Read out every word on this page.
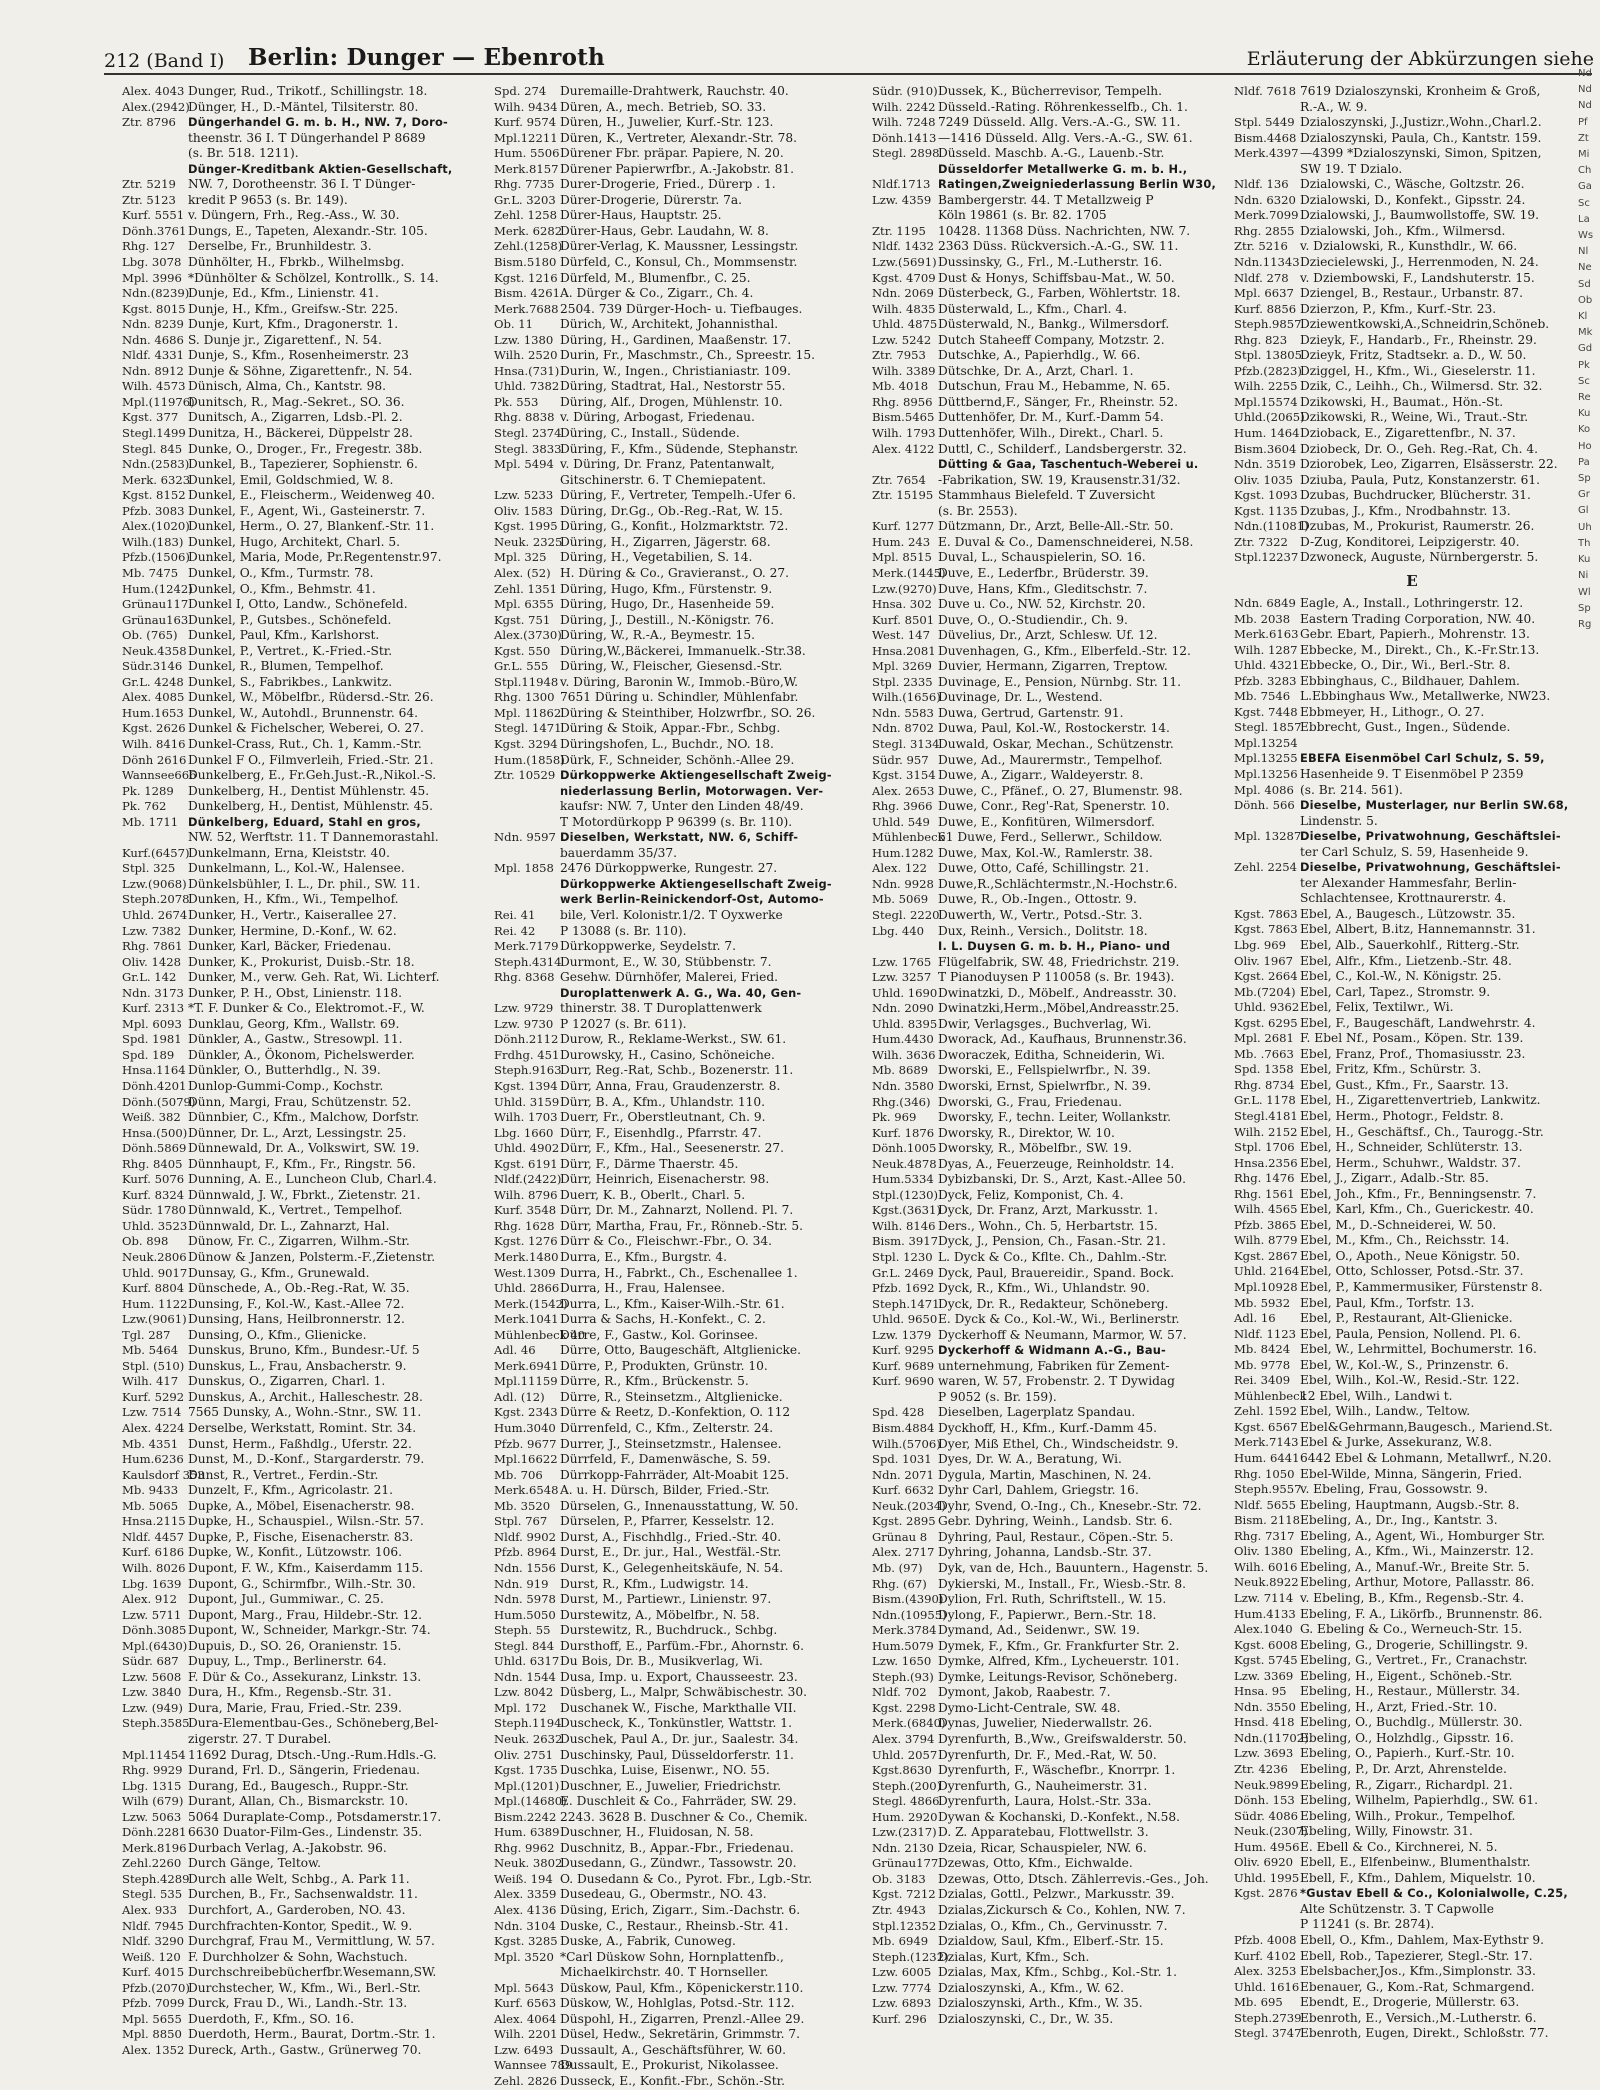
212 (Band I) Berlin: Dunger — Ebenroth	Erläuterung der Abkürzungen siehe
Alex. 4043 Dunger, Rud., Trikotf., Schillingstr. 18.
Alex.(2942)
Dünger, H., D.-Mäntel, Tilsiterstr. 80.
Ztr. 8796	Düngerhandel G. m. b. H., NW. 7, Doro-
theenstr. 36 I. T Düngerhandel P 8689
(s. Br. 518. 1211).
Dünger-Kreditbank Aktien-Gesellschaft,
Ztr. 5219 NW. 7, Dorotheenstr. 36 I. T Dünger-
Ztr. 5123 kredit P 9653 (s. Br. 149).
Kurf. 5551 v. Düngern, Frh., Reg.-Ass., W. 30.
Dönh.3761 Dungs, E., Tapeten, Alexandr.-Str. 105.
Rhg. 127	Derselbe, Fr., Brunhildestr. 3.
Lbg. 3078 Dünhölter, H., Fbrkb., Wilhelmsbg.
Mpl. 3996 *Dünhölter & Schölzel, Kontrollk., S. 14.
Ndn.(8239)
Dunje, Ed., Kfm., Linienstr. 41.
Kgst. 8015 Dunje, H., Kfm., Greifsw.-Str. 225.
Ndn. 8239 Dunje, Kurt, Kfm., Dragonerstr. 1.
Ndn. 4686 S. Dunje jr., Zigarettenf., N. 54.
Nldf. 4331 Dunje, S., Kfm., Rosenheimerstr. 23
Ndn. 8912 Dunje & Söhne, Zigarettenfr., N. 54.
Wilh. 4573 Dünisch, Alma, Ch., Kantstr. 98.
Mpl.(11976)
Dunitsch, R., Mag.-Sekret., SO. 36.
Kgst. 377 Dunitsch, A., Zigarren, Ldsb.-Pl. 2.
Stegl.1499 Dunitza, H., Bäckerei, Düppelstr 28.
Stegl. 845 Dunke, O., Droger., Fr., Fregestr. 38b.
Ndn.(2583)
Dunkel, B., Tapezierer, Sophienstr. 6.
Merk. 6323
Dunkel, Emil, Goldschmied, W. 8.
Kgst. 8152 Dunkel, E., Fleischerm., Weidenweg 40.
Pfzb. 3083 Dunkel, F., Agent, Wi., Gasteinerstr. 7.
Alex.(1020)
Dunkel, Herm., O. 27, Blankenf.-Str. 11.
Wilh.(183) Dunkel, Hugo, Architekt, Charl. 5.
Pfzb.(1506)
Dunkel, Maria, Mode, Pr.Regentenstr.97.
Mb. 7475 Dunkel, O., Kfm., Turmstr. 78.
Hum.(1242)
Dunkel, O., Kfm., Behmstr. 41.
Grünau117 Dunkel I, Otto, Landw., Schönefeld.
Grünau163 Dunkel, P., Gutsbes., Schönefeld.
Ob. (765) Dunkel, Paul, Kfm., Karlshorst.
Neuk.4358 Dunkel, P., Vertret., K.-Fried.-Str.
Südr.3146 Dunkel, R., Blumen, Tempelhof.
Gr.L. 4248 Dunkel, S., Fabrikbes., Lankwitz.
Alex. 4085 Dunkel, W., Möbelfbr., Rüdersd.-Str. 26.
Hum.1653 Dunkel, W., Autohdl., Brunnenstr. 64.
Kgst. 2626 Dunkel & Fichelscher, Weberei, O. 27.
Wilh. 8416 Dunkel-Crass, Rut., Ch. 1, Kamm.-Str.
Dönh 2616 Dunkel F O., Filmverleih, Fried.-Str. 21.
Wannsee666
Dunkelberg, E., Fr.Geh.Just.-R.,Nikol.-S.
Pk. 1289	Dunkelberg, H., Dentist Mühlenstr. 45.
Pk. 762	Dunkelberg, H., Dentist, Mühlenstr. 45.
Mb. 1711 Dünkelberg, Eduard, Stahl en gros,
NW. 52, Werftstr. 11. T Dannemorastahl.
Kurf.(6457)
Dunkelmann, Erna, Kleiststr. 40.
Stpl. 325	Dunkelmann, L., Kol.-W., Halensee.
Lzw.(9068) Dünkelsbühler, I. L., Dr. phil., SW. 11.
Steph.2078
Dunken, H., Kfm., Wi., Tempelhof.
Uhld. 2674 Dunker, H., Vertr., Kaiserallee 27.
Lzw. 7382 Dunker, Hermine, D.-Konf., W. 62.
Rhg. 7861 Dunker, Karl, Bäcker, Friedenau.
Oliv. 1428 Dunker, K., Prokurist, Duisb.-Str. 18.
Gr.L. 142 Dunker, M., verw. Geh. Rat, Wi. Lichterf.
Ndn. 3173 Dunker, P. H., Obst, Linienstr. 118.
Kurf. 2313 *T. F. Dunker & Co., Elektromot.-F., W.
Mpl. 6093 Dunklau, Georg, Kfm., Wallstr. 69.
Spd. 1981 Dünkler, A., Gastw., Stresowpl. 11.
Spd. 189	Dünkler, A., Ökonom, Pichelswerder.
Hnsa.1164 Dünkler, O., Butterhdlg., N. 39.
Dönh.4201 Dunlop-Gummi-Comp., Kochstr.
Dönh.(5079)
Dünn, Margi, Frau, Schützenstr. 52.
Weiß. 382 Dünnbier, C., Kfm., Malchow, Dorfstr.
Hnsa.(500) Dünner, Dr. L., Arzt, Lessingstr. 25.
Dönh.5869 Dünnewald, Dr. A., Volkswirt, SW. 19.
Rhg. 8405 Dünnhaupt, F., Kfm., Fr., Ringstr. 56.
Kurf. 5076 Dunning, A. E., Luncheon Club, Charl.4.
Kurf. 8324 Dünnwald, J. W., Fbrkt., Zietenstr. 21.
Südr. 1780 Dünnwald, K., Vertret., Tempelhof.
Uhld. 3523 Dünnwald, Dr. L., Zahnarzt, Hal.
Ob. 898	Dünow, Fr. C., Zigarren, Wilhm.-Str.
Neuk.2806 Dünow & Janzen, Polsterm.-F.,Zietenstr.
Uhld. 9017 Dunsay, G., Kfm., Grunewald.
Kurf. 8804 Dünschede, A., Ob.-Reg.-Rat, W. 35.
Hum. 1122 Dunsing, F., Kol.-W., Kast.-Allee 72.
Lzw.(9061) Dunsing, Hans, Heilbronnerstr. 12.
Tgl. 287	Dunsing, O., Kfm., Glienicke.
Mb. 5464 Dunskus, Bruno, Kfm., Bundesr.-Uf. 5
Stpl. (510) Dunskus, L., Frau, Ansbacherstr. 9.
Wilh. 417 Dunskus, O., Zigarren, Charl. 1.
Kurf. 5292 Dunskus, A., Archit., Halleschestr. 28.
Lzw. 7514 7565 Dunsky, A., Wohn.-Stnr., SW. 11.
Alex. 4224 Derselbe, Werkstatt, Romint. Str. 34.
Mb. 4351 Dunst, Herm., Faßhdlg., Uferstr. 22.
Hum.6236 Dunst, M., D.-Konf., Stargarderstr. 79.
Kaulsdorf 353
Dunst, R., Vertret., Ferdin.-Str.
Mb. 9433 Dunzelt, F., Kfm., Agricolastr. 21.
Mb. 5065 Dupke, A., Möbel, Eisenacherstr. 98.
Hnsa.2115 Dupke, H., Schauspiel., Wilsn.-Str. 57.
Nldf. 4457 Dupke, P., Fische, Eisenacherstr. 83.
Kurf. 6186 Dupke, W., Konfit., Lützowstr. 106.
Wilh. 8026 Dupont, F. W., Kfm., Kaiserdamm 115.
Lbg. 1639 Dupont, G., Schirmfbr., Wilh.-Str. 30.
Alex. 912 Dupont, Jul., Gummiwar., C. 25.
Lzw. 5711 Dupont, Marg., Frau, Hildebr.-Str. 12.
Dönh.3085 Dupont, W., Schneider, Markgr.-Str. 74.
Mpl.(6430) Dupuis, D., SO. 26, Oranienstr. 15.
Südr. 687 Dupuy, L., Tmp., Berlinerstr. 64.
Lzw. 5608 F. Dür & Co., Assekuranz, Linkstr. 13.
Lzw. 3840 Dura, H., Kfm., Regensb.-Str. 31.
Lzw. (949) Dura, Marie, Frau, Fried.-Str. 239.
Steph.3585
Dura-Elementbau-Ges., Schöneberg,Bel-
zigerstr. 27. T Durabel.
Mpl.11454 11692 Durag, Dtsch.-Ung.-Rum.Hdls.-G.
Rhg. 9929 Durand, Frl. D., Sängerin, Friedenau.
Lbg. 1315 Durang, Ed., Baugesch., Ruppr.-Str.
Wilh (679) Durant, Allan, Ch., Bismarckstr. 10.
Lzw. 5063 5064 Duraplate-Comp., Potsdamerstr.17.
Dönh.2281 6630 Duator-Film-Ges., Lindenstr. 35.
Merk.8196 Durbach Verlag, A.-Jakobstr. 96.
Zehl.2260 Durch Gänge, Teltow.
Steph.4289
Durch alle Welt, Schbg., A. Park 11.
Stegl. 535 Durchen, B., Fr., Sachsenwaldstr. 11.
Alex. 933 Durchfort, A., Garderoben, NO. 43.
Nldf. 7945 Durchfrachten-Kontor, Spedit., W. 9.
Nldf. 3290 Durchgraf, Frau M., Vermittlung, W. 57.
Weiß. 120 F. Durchholzer & Sohn, Wachstuch.
Kurf. 4015 Durchschreibebücherfbr.Wesemann,SW.
Pfzb.(2070)
Durchstecher, W., Kfm., Wi., Berl.-Str.
Pfzb. 7099 Durck, Frau D., Wi., Landh.-Str. 13.
Mpl. 5655 Duerdoth, F., Kfm., SO. 16.
Mpl. 8850 Duerdoth, Herm., Baurat, Dortm.-Str. 1.
Alex. 1352 Dureck, Arth., Gastw., Grünerweg 70.
Spd. 274	Duremaille-Drahtwerk, Rauchstr. 40.
Wilh. 9434 Düren, A., mech. Betrieb, SO. 33.
Kurf. 9574 Düren, H., Juwelier, Kurf.-Str. 123.
Mpl.12211 Düren, K., Vertreter, Alexandr.-Str. 78.
Hum. 5506 Dürener Fbr. präpar. Papiere, N. 20.
Merk.8157 Dürener Papierwrfbr., A.-Jakobstr. 81.
Rhg. 7735 Durer-Drogerie, Fried., Dürerp . 1.
Gr.L. 3203 Dürer-Drogerie, Dürerstr. 7a.
Zehl. 1258 Dürer-Haus, Hauptstr. 25.
Merk. 6282
Dürer-Haus, Gebr. Laudahn, W. 8.
Zehl.(1258)
Dürer-Verlag, K. Maussner, Lessingstr.
Bism.5180 Dürfeld, C., Konsul, Ch., Mommsenstr.
Kgst. 1216 Dürfeld, M., Blumenfbr., C. 25.
Bism. 4261 A. Dürger & Co., Zigarr., Ch. 4.
Merk.7688 2504. 739 Dürger-Hoch- u. Tiefbauges.
Ob. 11	Dürich, W., Architekt, Johannisthal.
Lzw. 1380 Düring, H., Gardinen, Maaßenstr. 17.
Wilh. 2520 Durin, Fr., Maschmstr., Ch., Spreestr. 15.
Hnsa.(731) Durin, W., Ingen., Christianiastr. 109.
Uhld. 7382 Düring, Stadtrat, Hal., Nestorstr 55.
Pk. 553	Düring, Alf., Drogen, Mühlenstr. 10.
Rhg. 8838 v. Düring, Arbogast, Friedenau.
Stegl. 2374
Düring, C., Install., Südende.
Stegl. 3833
Düring, F., Kfm., Südende, Stephanstr.
Mpl. 5494 v. Düring, Dr. Franz, Patentanwalt,
Gitschinerstr. 6. T Chemiepatent.
Lzw. 5233 Düring, F., Vertreter, Tempelh.-Ufer 6.
Oliv. 1583 Düring, Dr.Gg., Ob.-Reg.-Rat, W. 15.
Kgst. 1995 Düring, G., Konfit., Holzmarktstr. 72.
Neuk. 2325
Düring, H., Zigarren, Jägerstr. 68.
Mpl. 325	Düring, H., Vegetabilien, S. 14.
Alex. (52) H. Düring & Co., Gravieranst., O. 27.
Zehl. 1351 Düring, Hugo, Kfm., Fürstenstr. 9.
Mpl. 6355 Düring, Hugo, Dr., Hasenheide 59.
Kgst. 751 Düring, J., Destill., N.-Königstr. 76.
Alex.(3730)
Düring, W., R.-A., Beymestr. 15.
Kgst. 550 Düring,W.,Bäckerei, Immanuelk.-Str.38.
Gr.L. 555 Düring, W., Fleischer, Giesensd.-Str.
Stpl.11948 v. Düring, Baronin W., Immob.-Büro,W.
Rhg. 1300 7651 Düring u. Schindler, Mühlenfabr.
Mpl. 11862
Düring & Steinthiber, Holzwrfbr., SO. 26.
Stegl. 1471
Düring & Stoik, Appar.-Fbr., Schbg.
Kgst. 3294 Düringshofen, L., Buchdr., NO. 18.
Hum.(1858)
Dürk, F., Schneider, Schönh.-Allee 29.
Ztr. 10529 Dürkoppwerke Aktiengesellschaft Zweig-
niederlassung Berlin, Motorwagen. Ver-
kaufsr: NW. 7, Unter den Linden 48/49.
T Motordürkopp P 96399 (s. Br. 110).
Ndn. 9597 Dieselben, Werkstatt, NW. 6, Schiff-
bauerdamm 35/37.
Mpl. 1858 2476 Dürkoppwerke, Rungestr. 27.
Dürkoppwerke Aktiengesellschaft Zweig-
werk Berlin-Reinickendorf-Ost, Automo-
Rei. 41	bile, Verl. Kolonistr.1/2. T Oyxwerke
Rei. 42	P 13088 (s. Br. 110).
Merk.7179 Dürkoppwerke, Seydelstr. 7.
Steph.4314
Durmont, E., W. 30, Stübbenstr. 7.
Rhg. 8368 Gesehw. Dürnhöfer, Malerei, Fried.
Duroplattenwerk A. G., Wa. 40, Gen-
Lzw. 9729 thinerstr. 38. T Duroplattenwerk
Lzw. 9730 P 12027 (s. Br. 611).
Dönh.2112 Durow, R., Reklame-Werkst., SW. 61.
Frdhg. 451 Durowsky, H., Casino, Schöneiche.
Steph.9163
Durr, Reg.-Rat, Schb., Bozenerstr. 11.
Kgst. 1394 Dürr, Anna, Frau, Graudenzerstr. 8.
Uhld. 3159 Dürr, B. A., Kfm., Uhlandstr. 110.
Wilh. 1703 Duerr, Fr., Oberstleutnant, Ch. 9.
Lbg. 1660 Dürr, F., Eisenhdlg., Pfarrstr. 47.
Uhld. 4902 Dürr, F., Kfm., Hal., Seesenerstr. 27.
Kgst. 6191 Dürr, F., Därme Thaerstr. 45.
Nldf.(2422)
Dürr, Heinrich, Eisenacherstr. 98.
Wilh. 8796 Duerr, K. B., Oberlt., Charl. 5.
Kurf. 3548 Dürr, Dr. M., Zahnarzt, Nollend. Pl. 7.
Rhg. 1628 Dürr, Martha, Frau, Fr., Rönneb.-Str. 5.
Kgst. 1276 Dürr & Co., Fleischwr.-Fbr., O. 34.
Merk.1480 Durra, E., Kfm., Burgstr. 4.
West.1309 Durra, H., Fabrkt., Ch., Eschenallee 1.
Uhld. 2866 Durra, H., Frau, Halensee.
Merk.(1542)
Durra, L., Kfm., Kaiser-Wilh.-Str. 61.
Merk.1041 Durra & Sachs, H.-Konfekt., C. 2.
Mühlenbeck 40
Dürre, F., Gastw., Kol. Gorinsee.
Adl. 46	Dürre, Otto, Baugeschäft, Altglienicke.
Merk.6941 Dürre, P., Produkten, Grünstr. 10.
Mpl.11159 Dürre, R., Kfm., Brückenstr. 5.
Adl. (12)	Dürre, R., Steinsetzm., Altglienicke.
Kgst. 2343 Dürre & Reetz, D.-Konfektion, O. 112
Hum.3040 Dürrenfeld, C., Kfm., Zelterstr. 24.
Pfzb. 9677 Durrer, J., Steinsetzmstr., Halensee.
Mpl.16622 Dürrfeld, F., Damenwäsche, S. 59.
Mb. 706	Dürrkopp-Fahrräder, Alt-Moabit 125.
Merk.6548 A. u. H. Dürsch, Bilder, Fried.-Str.
Mb. 3520 Dürselen, G., Innenausstattung, W. 50.
Stpl. 767	Dürselen, P., Pfarrer, Kesselstr. 12.
Nldf. 9902 Durst, A., Fischhdlg., Fried.-Str. 40.
Pfzb. 8964 Durst, E., Dr. jur., Hal., Westfäl.-Str.
Ndn. 1556 Durst, K., Gelegenheitskäufe, N. 54.
Ndn. 919 Durst, R., Kfm., Ludwigstr. 14.
Ndn. 5978 Durst, M., Partiewr., Linienstr. 97.
Hum.5050 Durstewitz, A., Möbelfbr., N. 58.
Steph. 55 Durstewitz, R., Buchdruck., Schbg.
Stegl. 844 Dursthoff, E., Parfüm.-Fbr., Ahornstr. 6.
Uhld. 6317 Du Bois, Dr. B., Musikverlag, Wi.
Ndn. 1544 Dusa, Imp. u. Export, Chausseestr. 23.
Lzw. 8042 Düsberg, L., Malpr, Schwäbischestr. 30.
Mpl. 172	Duschanek W., Fische, Markthalle VII.
Steph.1194
Duscheck, K., Tonkünstler, Wattstr. 1.
Neuk. 2632
Duschek, Paul A., Dr. jur., Saalestr. 34.
Oliv. 2751 Duschinsky, Paul, Düsseldorferstr. 11.
Kgst. 1735 Duschka, Luise, Eisenwr., NO. 55.
Mpl.(1201) Duschner, E., Juwelier, Friedrichstr.
Mpl.(14680)
E. Duschleit & Co., Fahrräder, SW. 29.
Bism.2242 2243. 3628 B. Duschner & Co., Chemik.
Hum. 6389 Duschner, H., Fluidosan, N. 58.
Rhg. 9962 Duschnitz, B., Appar.-Fbr., Friedenau.
Neuk. 3802
Dusedann, G., Zündwr., Tassowstr. 20.
Weiß. 194 O. Dusedann & Co., Pyrot. Fbr., Lgb.-Str.
Alex. 3359 Dusedeau, G., Obermstr., NO. 43.
Alex. 4136 Düsing, Erich, Zigarr., Sim.-Dachstr. 6.
Ndn. 3104 Duske, C., Restaur., Rheinsb.-Str. 41.
Kgst. 3285 Duske, A., Fabrik, Cunoweg.
Mpl. 3520 *Carl Düskow Sohn, Hornplattenfb.,
Michaelkirchstr. 40. T Hornseller.
Mpl. 5643 Düskow, Paul, Kfm., Köpenickerstr.110.
Kurf. 6563 Düskow, W., Hohlglas, Potsd.-Str. 112.
Alex. 4064 Düspohl, H., Zigarren, Prenzl.-Allee 29.
Wilh. 2201 Düsel, Hedw., Sekretärin, Grimmstr. 7.
Lzw. 6493 Dussault, A., Geschäftsführer, W. 60.
Wannsee 789
Dussault, E., Prokurist, Nikolassee.
Zehl. 2826 Dusseck, E., Konfit.-Fbr., Schön.-Str.
Südr. (910) Dussek, K., Bücherrevisor, Tempelh.
Wilh. 2242 Düsseld.-Rating. Röhrenkesselfb., Ch. 1.
Wilh. 7248 7249 Düsseld. Allg. Vers.-A.-G., SW. 11.
Dönh.1413 —1416 Düsseld. Allg. Vers.-A.-G., SW. 61.
Stegl. 2898
Düsseld. Maschb. A.-G., Lauenb.-Str.
Düsseldorfer Metallwerke G. m. b. H.,
Nldf.1713 Ratingen,Zweigniederlassung Berlin W30,
Lzw. 4359 Bambergerstr. 44. T Metallzweig P
Köln 19861 (s. Br. 82. 1705
Ztr. 1195 10428. 11368 Düss. Nachrichten, NW. 7.
Nldf. 1432 2363 Düss. Rückversich.-A.-G., SW. 11.
Lzw.(5691) Dussinsky, G., Frl., M.-Lutherstr. 16.
Kgst. 4709 Dust & Honys, Schiffsbau-Mat., W. 50.
Ndn. 2069 Düsterbeck, G., Farben, Wöhlertstr. 18.
Wilh. 4835 Düsterwald, L., Kfm., Charl. 4.
Uhld. 4875 Düsterwald, N., Bankg., Wilmersdorf.
Lzw. 5242 Dutch Staheeff Company, Motzstr. 2.
Ztr. 7953 Dutschke, A., Papierhdlg., W. 66.
Wilh. 3389 Dütschke, Dr. A., Arzt, Charl. 1.
Mb. 4018 Dutschun, Frau M., Hebamme, N. 65.
Rhg. 8956 Düttbernd,F., Sänger, Fr., Rheinstr. 52.
Bism.5465 Duttenhöfer, Dr. M., Kurf.-Damm 54.
Wilh. 1793 Duttenhöfer, Wilh., Direkt., Charl. 5.
Alex. 4122 Duttl, C., Schilderf., Landsbergerstr. 32.
Dütting & Gaa, Taschentuch-Weberei u.
Ztr. 7654 -Fabrikation, SW. 19, Krausenstr.31/32.
Ztr. 15195 Stammhaus Bielefeld. T Zuversicht
(s. Br. 2553).
Kurf. 1277 Dützmann, Dr., Arzt, Belle-All.-Str. 50.
Hum. 243 E. Duval & Co., Damenschneiderei, N.58.
Mpl. 8515 Duval, L., Schauspielerin, SO. 16.
Merk.(1445)
Duve, E., Lederfbr., Brüderstr. 39.
Lzw.(9270) Duve, Hans, Kfm., Gleditschstr. 7.
Hnsa. 302 Duve u. Co., NW. 52, Kirchstr. 20.
Kurf. 8501 Duve, O., O.-Studiendir., Ch. 9.
West. 147 Düvelius, Dr., Arzt, Schlesw. Uf. 12.
Hnsa.2081 Duvenhagen, G., Kfm., Elberfeld.-Str. 12.
Mpl. 3269 Duvier, Hermann, Zigarren, Treptow.
Stpl. 2335 Duvinage, E., Pension, Nürnbg. Str. 11.
Wilh.(1656)
Duvinage, Dr. L., Westend.
Ndn. 5583 Duwa, Gertrud, Gartenstr. 91.
Ndn. 8702 Duwa, Paul, Kol.-W., Rostockerstr. 14.
Stegl. 3134
Duwald, Oskar, Mechan., Schützenstr.
Südr. 957 Duwe, Ad., Maurermstr., Tempelhof.
Kgst. 3154 Duwe, A., Zigarr., Waldeyerstr. 8.
Alex. 2653 Duwe, C., Pfänef., O. 27, Blumenstr. 98.
Rhg. 3966 Duwe, Conr., Reg'-Rat, Spenerstr. 10.
Uhld. 549 Duwe, E., Konfitüren, Wilmersdorf.
Mühlenbeck
61 Duwe, Ferd., Sellerwr., Schildow.
Hum.1282 Duwe, Max, Kol.-W., Ramlerstr. 38.
Alex. 122 Duwe, Otto, Café, Schillingstr. 21.
Ndn. 9928 Duwe,R.,Schlächtermstr.,N.-Hochstr.6.
Mb. 5069 Duwe, R., Ob.-Ingen., Ottostr. 9.
Stegl. 2220
Duwerth, W., Vertr., Potsd.-Str. 3.
Lbg. 440	Dux, Reinh., Versich., Dolitstr. 18.
I. L. Duysen G. m. b. H., Piano- und
Lzw. 1765 Flügelfabrik, SW. 48, Friedrichstr. 219.
Lzw. 3257 T Pianoduysen P 110058 (s. Br. 1943).
Uhld. 1690 Dwinatzki, D., Möbelf., Andreasstr. 30.
Ndn. 2090 Dwinatzki,Herm.,Möbel,Andreasstr.25.
Uhld. 8395 Dwir, Verlagsges., Buchverlag, Wi.
Hum.4430 Dworack, Ad., Kaufhaus, Brunnenstr.36.
Wilh. 3636 Dworaczek, Editha, Schneiderin, Wi.
Mb. 8689 Dworski, E., Fellspielwrfbr., N. 39.
Ndn. 3580 Dworski, Ernst, Spielwrfbr., N. 39.
Rhg.(346) Dworski, G., Frau, Friedenau.
Pk. 969	Dworsky, F., techn. Leiter, Wollankstr.
Kurf. 1876 Dworsky, R., Direktor, W. 10.
Dönh.1005 Dworsky, R., Möbelfbr., SW. 19.
Neuk.4878 Dyas, A., Feuerzeuge, Reinholdstr. 14.
Hum.5334 Dybizbanski, Dr. S., Arzt, Kast.-Allee 50.
Stpl.(1230) Dyck, Feliz, Komponist, Ch. 4.
Kgst.(3631)
Dyck, Dr. Franz, Arzt, Markusstr. 1.
Wilh. 8146 Ders., Wohn., Ch. 5, Herbartstr. 15.
Bism. 3917 Dyck, J., Pension, Ch., Fasan.-Str. 21.
Stpl. 1230 L. Dyck & Co., Kflte. Ch., Dahlm.-Str.
Gr.L. 2469 Dyck, Paul, Brauereidir., Spand. Bock.
Pfzb. 1692 Dyck, R., Kfm., Wi., Uhlandstr. 90.
Steph.1471
Dyck, Dr. R., Redakteur, Schöneberg.
Uhld. 9650 E. Dyck & Co., Kol.-W., Wi., Berlinerstr.
Lzw. 1379 Dyckerhoff & Neumann, Marmor, W. 57.
Kurf. 9295 Dyckerhoff & Widmann A.-G., Bau-
Kurf. 9689 unternehmung, Fabriken für Zement-
Kurf. 9690 waren, W. 57, Frobenstr. 2. T Dywidag
P 9052 (s. Br. 159).
Spd. 428	Dieselben, Lagerplatz Spandau.
Bism.4884 Dyckhoff, H., Kfm., Kurf.-Damm 45.
Wilh.(5706)
Dyer, Miß Ethel, Ch., Windscheidstr. 9.
Spd. 1031 Dyes, Dr. W. A., Beratung, Wi.
Ndn. 2071 Dygula, Martin, Maschinen, N. 24.
Kurf. 6632 Dyhr Carl, Dahlem, Griegstr. 16.
Neuk.(2034)
Dyhr, Svend, O.-Ing., Ch., Knesebr.-Str. 72.
Kgst. 2895 Gebr. Dyhring, Weinh., Landsb. Str. 6.
Grünau 8 Dyhring, Paul, Restaur., Cöpen.-Str. 5.
Alex. 2717 Dyhring, Johanna, Landsb.-Str. 37.
Mb. (97)	Dyk, van de, Hch., Bauuntern., Hagenstr. 5.
Rhg. (67) Dykierski, M., Install., Fr., Wiesb.-Str. 8.
Bism.(4390)
Dylion, Frl. Ruth, Schriftstell., W. 15.
Ndn.(10955)
Dylong, F., Papierwr., Bern.-Str. 18.
Merk.3784 Dymand, Ad., Seidenwr., SW. 19.
Hum.5079 Dymek, F., Kfm., Gr. Frankfurter Str. 2.
Lzw. 1650 Dymke, Alfred, Kfm., Lycheuerstr. 101.
Steph.(93) Dymke, Leitungs-Revisor, Schöneberg.
Nldf. 702 Dymont, Jakob, Raabestr. 7.
Kgst. 2298 Dymo-Licht-Centrale, SW. 48.
Merk.(6840)
Dynas, Juwelier, Niederwallstr. 26.
Alex. 3794 Dyrenfurth, B.,Ww., Greifswalderstr. 50.
Uhld. 2057 Dyrenfurth, Dr. F., Med.-Rat, W. 50.
Kgst.8630 Dyrenfurth, F., Wäschefbr., Knorrpr. 1.
Steph.(200)
Dyrenfurth, G., Nauheimerstr. 31.
Stegl. 4866
Dyrenfurth, Laura, Holst.-Str. 33a.
Hum. 2920 Dywan & Kochanski, D.-Konfekt., N.58.
Lzw.(2317) D. Z. Apparatebau, Flottwellstr. 3.
Ndn. 2130 Dzeia, Ricar, Schauspieler, NW. 6.
Grünau177 Dzewas, Otto, Kfm., Eichwalde.
Ob. 3183 Dzewas, Otto, Dtsch. Zählerrevis.-Ges., Joh.
Kgst. 7212 Dzialas, Gottl., Pelzwr., Markusstr. 39.
Ztr. 4943 Dzialas,Zickursch & Co., Kohlen, NW. 7.
Stpl.12352 Dzialas, O., Kfm., Ch., Gervinusstr. 7.
Mb. 6949 Dzialdow, Saul, Kfm., Elberf.-Str. 15.
Steph.(1232)
Dzialas, Kurt, Kfm., Sch.
Lzw. 6005 Dzialas, Max, Kfm., Schbg., Kol.-Str. 1.
Lzw. 7774 Dzialoszynski, A., Kfm., W. 62.
Lzw. 6893 Dzialoszynski, Arth., Kfm., W. 35.
Kurf. 296 Dzialoszynski, C., Dr., W. 35.
Nldf. 7618 7619 Dzialoszynski, Kronheim & Groß,
R.-A., W. 9.
Stpl. 5449 Dzialoszynski, J.,Justizr.,Wohn.,Charl.2.
Bism.4468 Dzialoszynski, Paula, Ch., Kantstr. 159.
Merk.4397 —4399 *Dzialoszynski, Simon, Spitzen,
SW 19. T Dzialo.
Nldf. 136 Dzialowski, C., Wäsche, Goltzstr. 26.
Ndn. 6320 Dzialowski, D., Konfekt., Gipsstr. 24.
Merk.7099 Dzialowski, J., Baumwollstoffe, SW. 19.
Rhg. 2855 Dzialowski, Joh., Kfm., Wilmersd.
Ztr. 5216 v. Dzialowski, R., Kunsthdlr., W. 66.
Ndn.11343 Dziecielewski, J., Herrenmoden, N. 24.
Nldf. 278 v. Dziembowski, F., Landshuterstr. 15.
Mpl. 6637 Dziengel, B., Restaur., Urbanstr. 87.
Kurf. 8856 Dzierzon, P., Kfm., Kurf.-Str. 23.
Steph.9857
Dziewentkowski,A.,Schneidrin,Schöneb.
Rhg. 823	Dzieyk, F., Handarb., Fr., Rheinstr. 29.
Stpl. 13805
Dzieyk, Fritz, Stadtsekr. a. D., W. 50.
Pfzb.(2823)
Dziggel, H., Kfm., Wi., Gieselerstr. 11.
Wilh. 2255 Dzik, C., Leihh., Ch., Wilmersd. Str. 32.
Mpl.15574 Dzikowski, H., Baumat., Hön.-St.
Uhld.(2065)
Dzikowski, R., Weine, Wi., Traut.-Str.
Hum. 1464 Dzioback, E., Zigarettenfbr., N. 37.
Bism.3604 Dziobeck, Dr. O., Geh. Reg.-Rat, Ch. 4.
Ndn. 3519 Dziorobek, Leo, Zigarren, Elsässerstr. 22.
Oliv. 1035 Dziuba, Paula, Putz, Konstanzerstr. 61.
Kgst. 1093 Dzubas, Buchdrucker, Blücherstr. 31.
Kgst. 1135 Dzubas, J., Kfm., Nrodbahnstr. 13.
Ndn.(11081)
Dzubas, M., Prokurist, Raumerstr. 26.
Ztr. 7322 D-Zug, Konditorei, Leipzigerstr. 40.
Stpl.12237 Dzwoneck, Auguste, Nürnbergerstr. 5.
E
Ndn. 6849 Eagle, A., Install., Lothringerstr. 12.
Mb. 2038 Eastern Trading Corporation, NW. 40.
Merk.6163 Gebr. Ebart, Papierh., Mohrenstr. 13.
Wilh. 1287 Ebbecke, M., Direkt., Ch., K.-Fr.Str.13.
Uhld. 4321 Ebbecke, O., Dir., Wi., Berl.-Str. 8.
Pfzb. 3283 Ebbinghaus, C., Bildhauer, Dahlem.
Mb. 7546 L.Ebbinghaus Ww., Metallwerke, NW23.
Kgst. 7448 Ebbmeyer, H., Lithogr., O. 27.
Stegl. 1857
Ebbrecht, Gust., Ingen., Südende.
Mpl.13254
Mpl.13255 EBEFA Eisenmöbel Carl Schulz, S. 59,
Mpl.13256 Hasenheide 9. T Eisenmöbel P 2359
Mpl. 4086 (s. Br. 214. 561).
Dönh. 566 Dieselbe, Musterlager, nur Berlin SW.68,
Lindenstr. 5.
Mpl. 13287
Dieselbe, Privatwohnung, Geschäftslei-
ter Carl Schulz, S. 59, Hasenheide 9.
Zehl. 2254 Dieselbe, Privatwohnung, Geschäftslei-
ter Alexander Hammesfahr, Berlin-
Schlachtensee, Krottnaurerstr. 4.
Kgst. 7863 Ebel, A., Baugesch., Lützowstr. 35.
Kgst. 7863 Ebel, Albert, B.itz, Hannemannstr. 31.
Lbg. 969	Ebel, Alb., Sauerkohlf., Ritterg.-Str.
Oliv. 1967 Ebel, Alfr., Kfm., Lietzenb.-Str. 48.
Kgst. 2664 Ebel, C., Kol.-W., N. Königstr. 25.
Mb.(7204) Ebel, Carl, Tapez., Stromstr. 9.
Uhld. 9362 Ebel, Felix, Textilwr., Wi.
Kgst. 6295 Ebel, F., Baugeschäft, Landwehrstr. 4.
Mpl. 2681 F. Ebel Nf., Posam., Köpen. Str. 139.
Mb. .7663 Ebel, Franz, Prof., Thomasiusstr. 23.
Spd. 1358 Ebel, Fritz, Kfm., Schürstr. 3.
Rhg. 8734 Ebel, Gust., Kfm., Fr., Saarstr. 13.
Gr.L. 1178 Ebel, H., Zigarettenvertrieb, Lankwitz.
Stegl.4181 Ebel, Herm., Photogr., Feldstr. 8.
Wilh. 2152 Ebel, H., Geschäftsf., Ch., Taurogg.-Str.
Stpl. 1706 Ebel, H., Schneider, Schlüterstr. 13.
Hnsa.2356 Ebel, Herm., Schuhwr., Waldstr. 37.
Rhg. 1476 Ebel, J., Zigarr., Adalb.-Str. 85.
Rhg. 1561 Ebel, Joh., Kfm., Fr., Benningsenstr. 7.
Wilh. 4565 Ebel, Karl, Kfm., Ch., Guerickestr. 40.
Pfzb. 3865 Ebel, M., D.-Schneiderei, W. 50.
Wilh. 8779 Ebel, M., Kfm., Ch., Reichsstr. 14.
Kgst. 2867 Ebel, O., Apoth., Neue Königstr. 50.
Uhld. 2164 Ebel, Otto, Schlosser, Potsd.-Str. 37.
Mpl.10928 Ebel, P., Kammermusiker, Fürstenstr 8.
Mb. 5932 Ebel, Paul, Kfm., Torfstr. 13.
Adl. 16	Ebel, P., Restaurant, Alt-Glienicke.
Nldf. 1123 Ebel, Paula, Pension, Nollend. Pl. 6.
Mb. 8424 Ebel, W., Lehrmittel, Bochumerstr. 16.
Mb. 9778 Ebel, W., Kol.-W., S., Prinzenstr. 6.
Rei. 3409 Ebel, Wilh., Kol.-W., Resid.-Str. 122.
Mühlenbeck
12 Ebel, Wilh., Landwi t.
Zehl. 1592 Ebel, Wilh., Landw., Teltow.
Kgst. 6567 Ebel&Gehrmann,Baugesch., Mariend.St.
Merk.7143 Ebel & Jurke, Assekuranz, W.8.
Hum. 6441 6442 Ebel & Lohmann, Metallwrf., N.20.
Rhg. 1050 Ebel-Wilde, Minna, Sängerin, Fried.
Steph.9557
v. Ebeling, Frau, Gossowstr. 9.
Nldf. 5655 Ebeling, Hauptmann, Augsb.-Str. 8.
Bism. 2118 Ebeling, A., Dr., Ing., Kantstr. 3.
Rhg. 7317 Ebeling, A., Agent, Wi., Homburger Str.
Oliv. 1380 Ebeling, A., Kfm., Wi., Mainzerstr. 12.
Wilh. 6016 Ebeling, A., Manuf.-Wr., Breite Str. 5.
Neuk.8922 Ebeling, Arthur, Motore, Pallasstr. 86.
Lzw. 7114 v. Ebeling, B., Kfm., Regensb.-Str. 4.
Hum.4133 Ebeling, F. A., Likörfb., Brunnenstr. 86.
Alex.1040 G. Ebeling & Co., Werneuch-Str. 15.
Kgst. 6008 Ebeling, G., Drogerie, Schillingstr. 9.
Kgst. 5745 Ebeling, G., Vertret., Fr., Cranachstr.
Lzw. 3369 Ebeling, H., Eigent., Schöneb.-Str.
Hnsa. 95	Ebeling, H., Restaur., Müllerstr. 34.
Ndn. 3550 Ebeling, H., Arzt, Fried.-Str. 10.
Hnsd. 418 Ebeling, O., Buchdlg., Müllerstr. 30.
Ndn.(11702)
Ebeling, O., Holzhdlg., Gipsstr. 16.
Lzw. 3693 Ebeling, O., Papierh., Kurf.-Str. 10.
Ztr. 4236 Ebeling, P., Dr. Arzt, Ahrenstelde.
Neuk.9899 Ebeling, R., Zigarr., Richardpl. 21.
Dönh. 153 Ebeling, Wilhelm, Papierhdlg., SW. 61.
Südr. 4086 Ebeling, Wilh., Prokur., Tempelhof.
Neuk.(2307)
Ebeling, Willy, Finowstr. 31.
Hum. 4956 E. Ebell & Co., Kirchnerei, N. 5.
Oliv. 6920 Ebell, E., Elfenbeinw., Blumenthalstr.
Uhld. 1995 Ebell, F., Kfm., Dahlem, Miquelstr. 10.
Kgst. 2876 *Gustav Ebell & Co., Kolonialwolle, C.25,
Alte Schützenstr. 3. T Capwolle
P 11241 (s. Br. 2874).
Pfzb. 4008 Ebell, O., Kfm., Dahlem, Max-Eythstr 9.
Kurf. 4102 Ebell, Rob., Tapezierer, Stegl.-Str. 17.
Alex. 3253 Ebelsbacher,Jos., Kfm.,Simplonstr. 33.
Uhld. 1616 Ebenauer, G., Kom.-Rat, Schmargend.
Mb. 695	Ebendt, E., Drogerie, Müllerstr. 63.
Steph.2739
Ebenroth, E., Versich.,M.-Lutherstr. 6.
Stegl. 3747
Ebenroth, Eugen, Direkt., Schloßstr. 77.
Nd
Nd
Nd
Pf
Zt
Mi
Ch
Ga
Sc
La
Ws
Nl
Ne
Sd
Ob
Kl
Mk
Gd
Pk
Sc
Re
Ku
Ko
Ho
Pa
Sp
Gr
Gl
Uh
Th
Ku
Ni
Wl
Sp
Rg
